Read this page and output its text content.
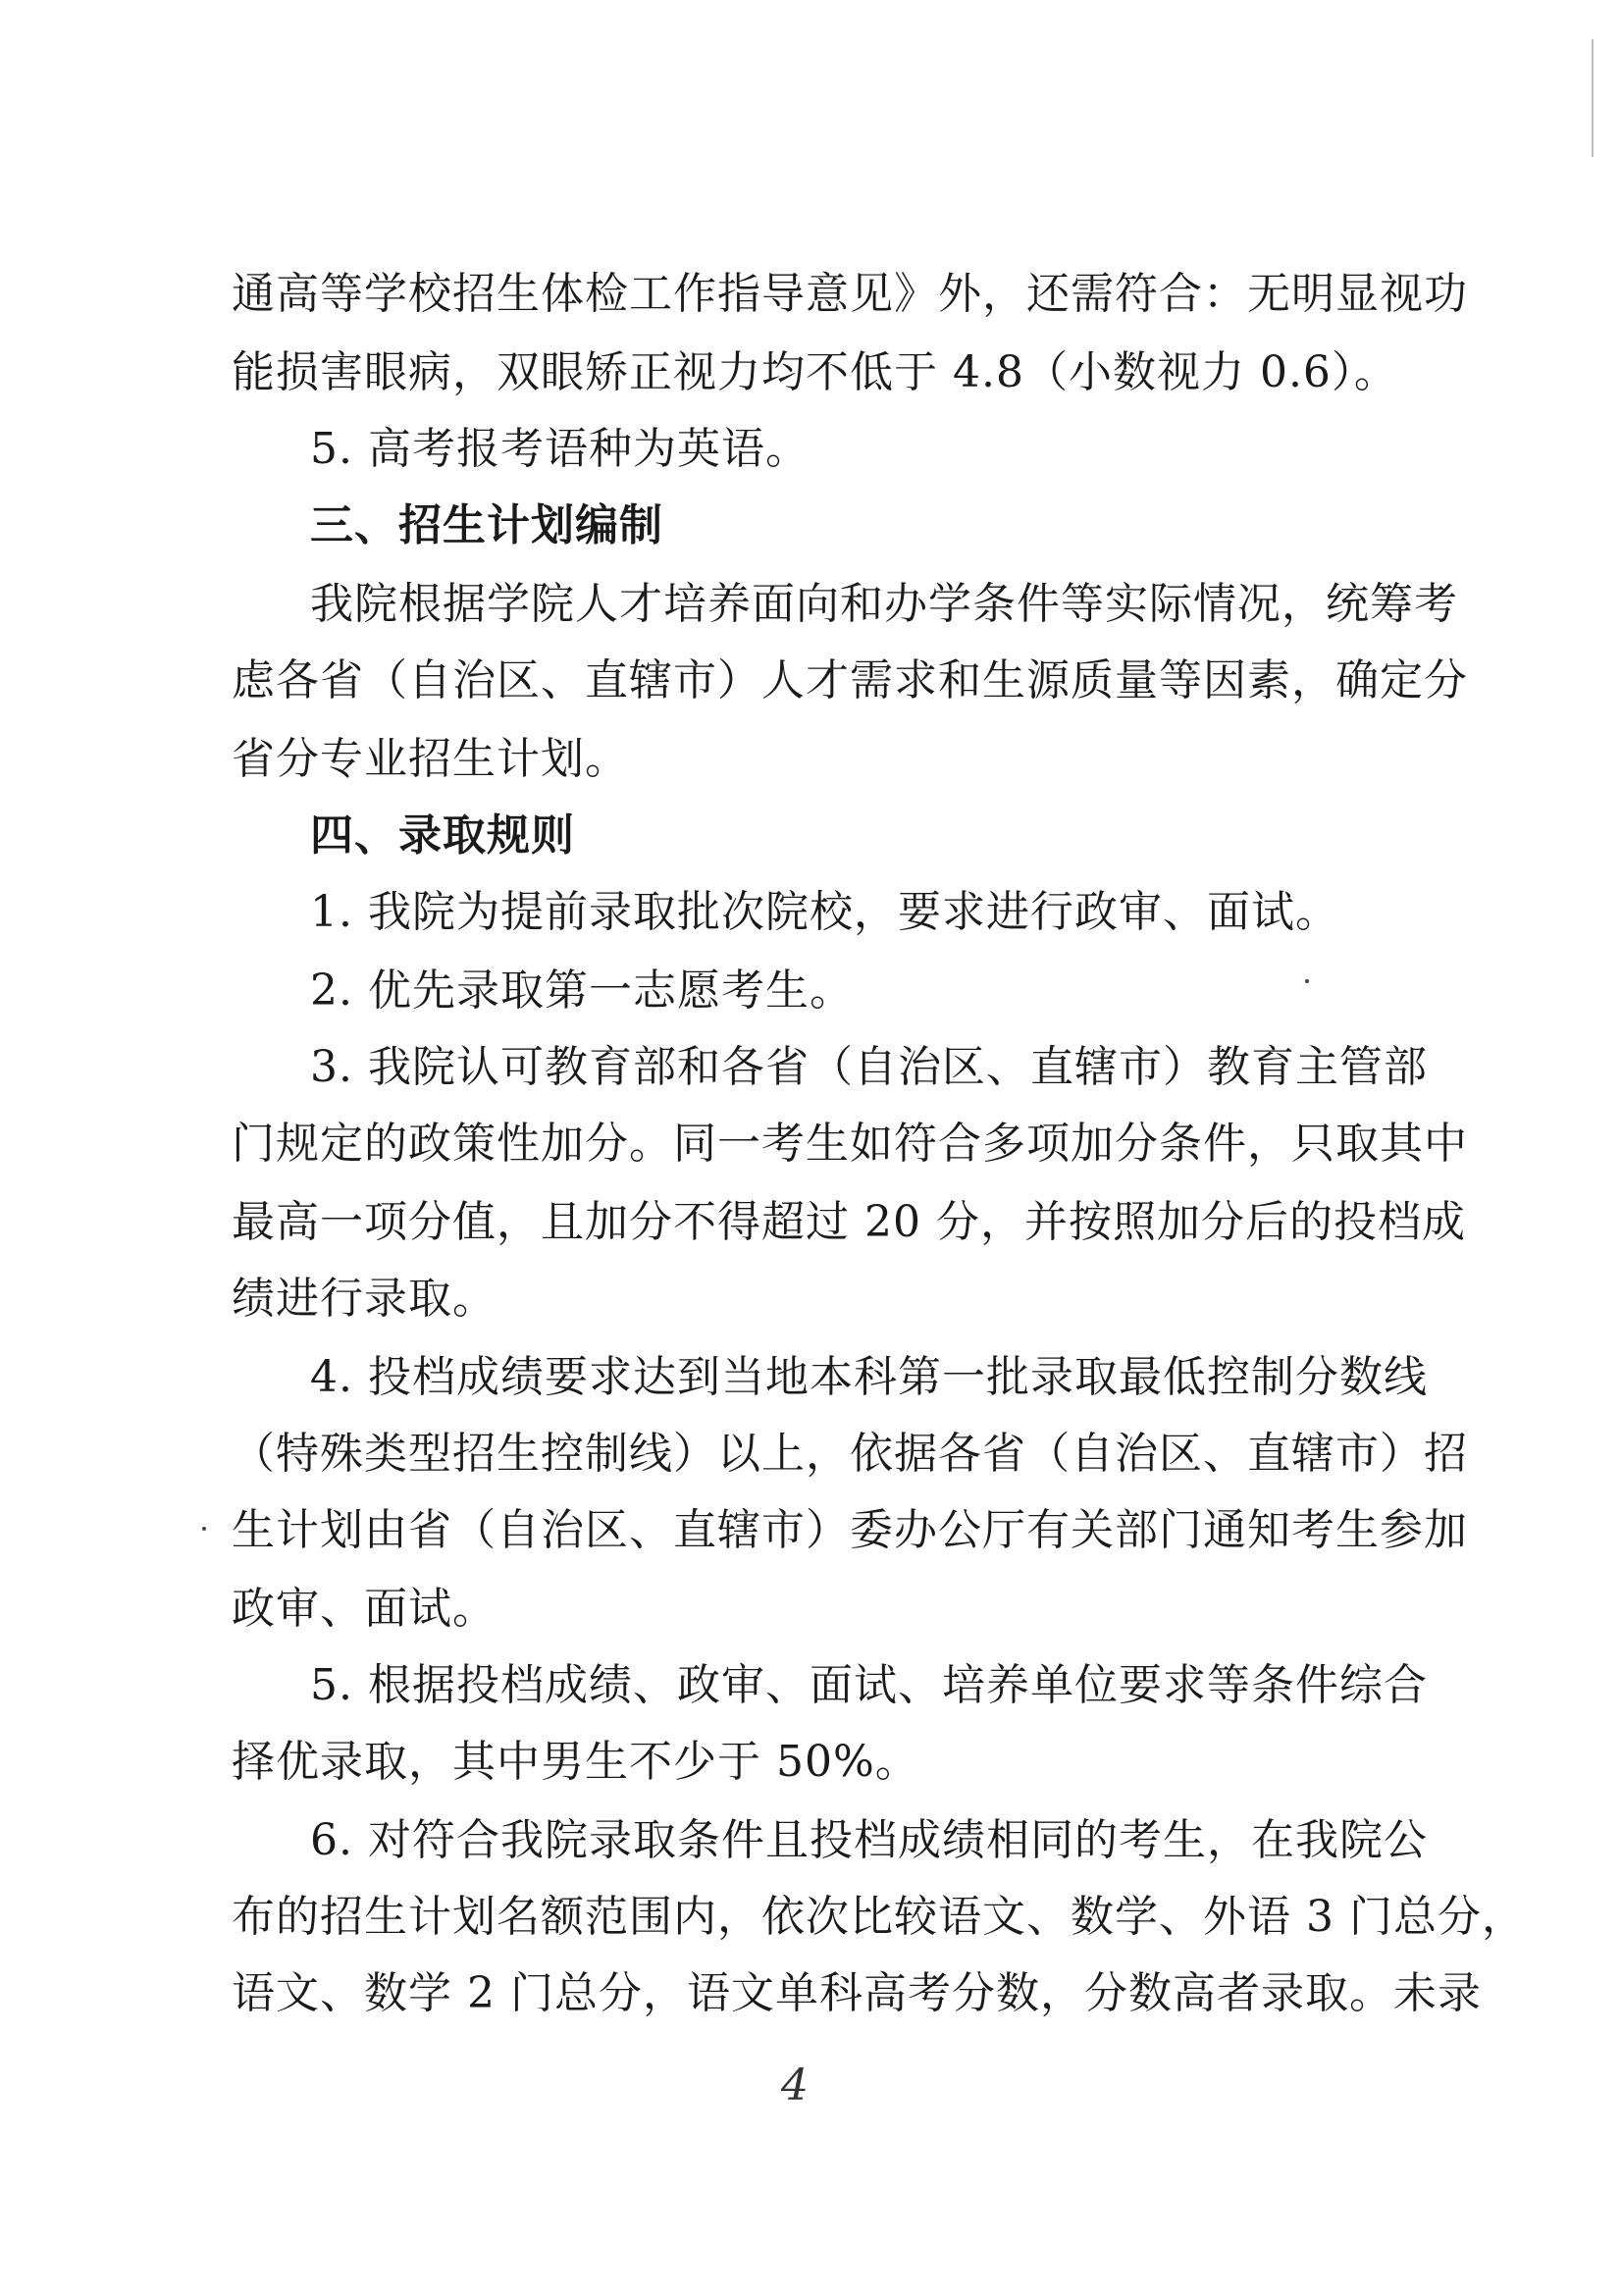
通高等学校招生体检工作指导意见》外，还需符合：无明显视功
能损害眼病，双眼矫正视力均不低于 4.8（小数视力 0.6）。
5. 高考报考语种为英语。
三、招生计划编制
我院根据学院人才培养面向和办学条件等实际情况，统筹考
虑各省（自治区、直辖市）人才需求和生源质量等因素，确定分
省分专业招生计划。
四、录取规则
1. 我院为提前录取批次院校，要求进行政审、面试。
2. 优先录取第一志愿考生。
3. 我院认可教育部和各省（自治区、直辖市）教育主管部
门规定的政策性加分。同一考生如符合多项加分条件，只取其中
最高一项分值，且加分不得超过 20 分，并按照加分后的投档成
绩进行录取。
4. 投档成绩要求达到当地本科第一批录取最低控制分数线
（特殊类型招生控制线）以上，依据各省（自治区、直辖市）招
生计划由省（自治区、直辖市）委办公厅有关部门通知考生参加
政审、面试。
5. 根据投档成绩、政审、面试、培养单位要求等条件综合
择优录取，其中男生不少于 50%。
6. 对符合我院录取条件且投档成绩相同的考生，在我院公
布的招生计划名额范围内，依次比较语文、数学、外语 3 门总分，
语文、数学 2 门总分，语文单科高考分数，分数高者录取。未录
4
